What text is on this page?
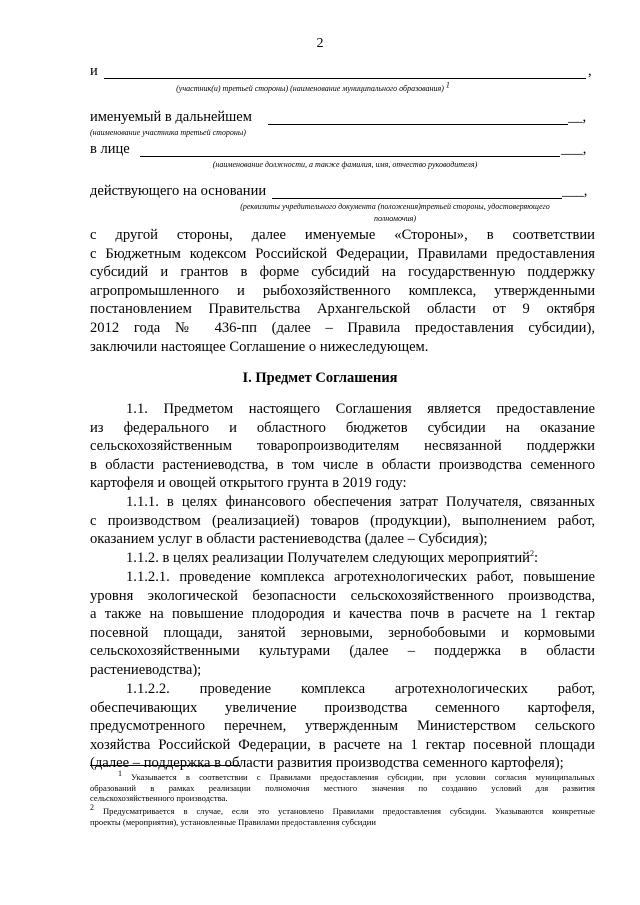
2
и	,
(участник(и) третьей стороны) (наименование муниципального образования) $^1$
именуемый в дальнейшем	__,
(наименование участника третьей стороны)
в лице	___,
(наименование должности, а также фамилия, имя, отчество руководителя)
действующего на основании	___,
(реквизиты учредительного документа (положения)третьей стороны, удостоверяющего
полномочия)
с другой стороны, далее именуемые «Стороны», в соответствии
с Бюджетным кодексом Российской Федерации, Правилами предоставления
субсидий и грантов в форме субсидий на государственную поддержку
агропромышленного и рыбохозяйственного комплекса, утвержденными
постановлением Правительства Архангельской области от 9 октября
2012 года № 436-пп (далее – Правила предоставления субсидии),
заключили настоящее Соглашение о нижеследующем.
I. Предмет Соглашения
1.1. Предметом настоящего Соглашения является предоставление
из федерального и областного бюджетов субсидии на оказание
сельскохозяйственным товаропроизводителям несвязанной поддержки
в области растениеводства, в том числе в области производства семенного
картофеля и овощей открытого грунта в 2019 году:
1.1.1. в целях финансового обеспечения затрат Получателя, связанных
с производством (реализацией) товаров (продукции), выполнением работ,
оказанием услуг в области растениеводства (далее – Субсидия);
1.1.2. в целях реализации Получателем следующих мероприятий$^2$:
1.1.2.1. проведение комплекса агротехнологических работ, повышение
уровня экологической безопасности сельскохозяйственного производства,
а также на повышение плодородия и качества почв в расчете на 1 гектар
посевной площади, занятой зерновыми, зернобобовыми и кормовыми
сельскохозяйственными культурами (далее – поддержка в области
растениеводства);
1.1.2.2. проведение комплекса агротехнологических работ,
обеспечивающих увеличение производства семенного картофеля,
предусмотренного перечнем, утвержденным Министерством сельского
хозяйства Российской Федерации, в расчете на 1 гектар посевной площади
(далее – поддержка в области развития производства семенного картофеля);
$^1$ Указывается в соответствии с Правилами предоставления субсидии, при условии согласия муниципальных
образований в рамках реализации полномочия местного значения по созданию условий для развития
сельскохозяйственного производства.
$^2$ Предусматривается в случае, если это установлено Правилами предоставления субсидии. Указываются конкретные
проекты (мероприятия), установленные Правилами предоставления субсидии
